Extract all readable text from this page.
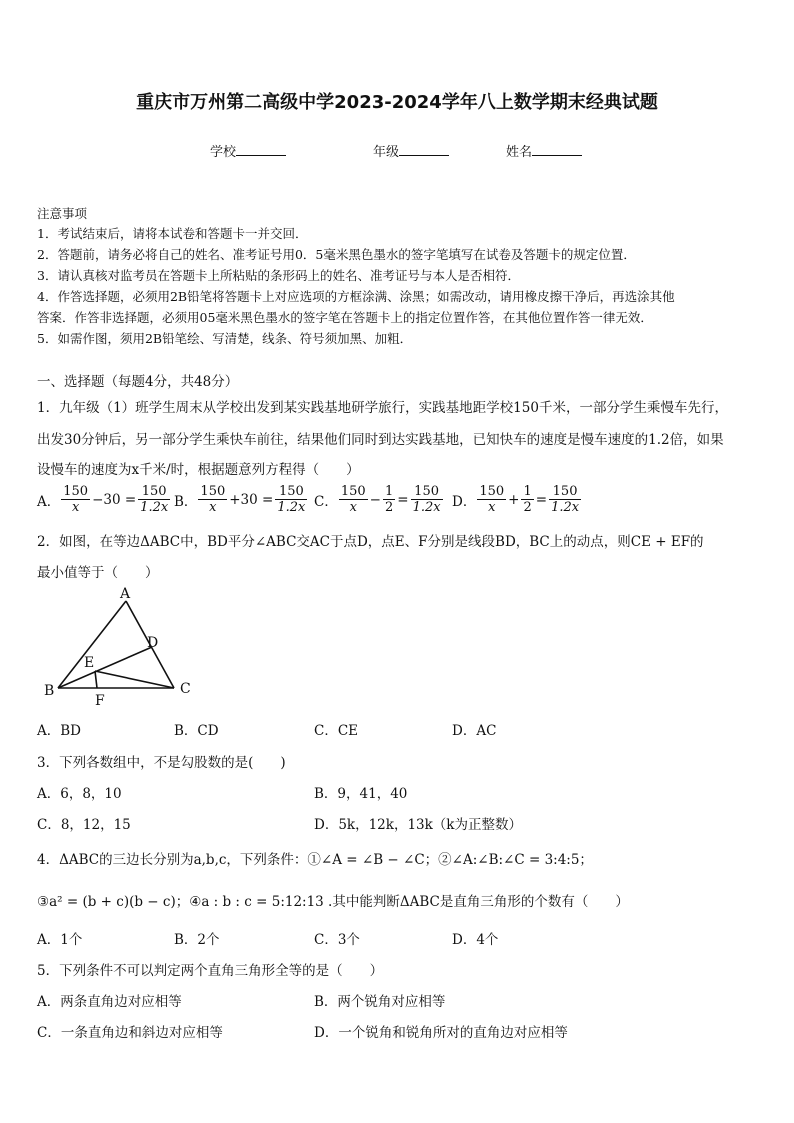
重庆市万州第二高级中学2023-2024学年八上数学期末经典试题
学校	年级	姓名
注意事项
1．考试结束后，请将本试卷和答题卡一并交回．
2．答题前，请务必将自己的姓名、准考证号用0．5毫米黑色墨水的签字笔填写在试卷及答题卡的规定位置．
3．请认真核对监考员在答题卡上所粘贴的条形码上的姓名、准考证号与本人是否相符．
4．作答选择题，必须用2B铅笔将答题卡上对应选项的方框涂满、涂黑；如需改动，请用橡皮擦干净后，再选涂其他
答案．作答非选择题，必须用05毫米黑色墨水的签字笔在答题卡上的指定位置作答，在其他位置作答一律无效．
5．如需作图，须用2B铅笔绘、写清楚，线条、符号须加黑、加粗．
一、选择题（每题4分，共48分）
1．九年级（1）班学生周末从学校出发到某实践基地研学旅行，实践基地距学校150千米，一部分学生乘慢车先行，
出发30分钟后，另一部分学生乘快车前往，结果他们同时到达实践基地，已知快车的速度是慢车速度的1.2倍，如果
设慢车的速度为x千米/时，根据题意列方程得（　　）
A． $\frac{150}{x} -30 = \frac{150}{1.2x}$ B． $\frac{150}{x} +30 = \frac{150}{1.2x}$ C． $\frac{150}{x} - \frac{1}{2} = \frac{150}{1.2x}$ D． $\frac{150}{x} + \frac{1}{2} = \frac{150}{1.2x}$
2．如图，在等边ΔABC中，BD平分∠ABC交AC于点D，点E、F分别是线段BD，BC上的动点，则CE + EF的
最小值等于（　　）
A
B	C
D
E
F
A．BD	B．CD	C．CE	D．AC
3．下列各数组中，不是勾股数的是(　　)
A．6，8，10	B．9，41，40
C．8，12，15	D．5k，12k，13k（k为正整数）
4．ΔABC的三边长分别为a,b,c，下列条件：①∠A = ∠B − ∠C；②∠A:∠B:∠C = 3:4:5；
③a² = (b + c)(b − c)；④a : b : c = 5:12:13 .其中能判断ΔABC是直角三角形的个数有（　　）
A．1个	B．2个	C．3个	D．4个
5．下列条件不可以判定两个直角三角形全等的是（　　）
A．两条直角边对应相等	B．两个锐角对应相等
C．一条直角边和斜边对应相等	D．一个锐角和锐角所对的直角边对应相等
